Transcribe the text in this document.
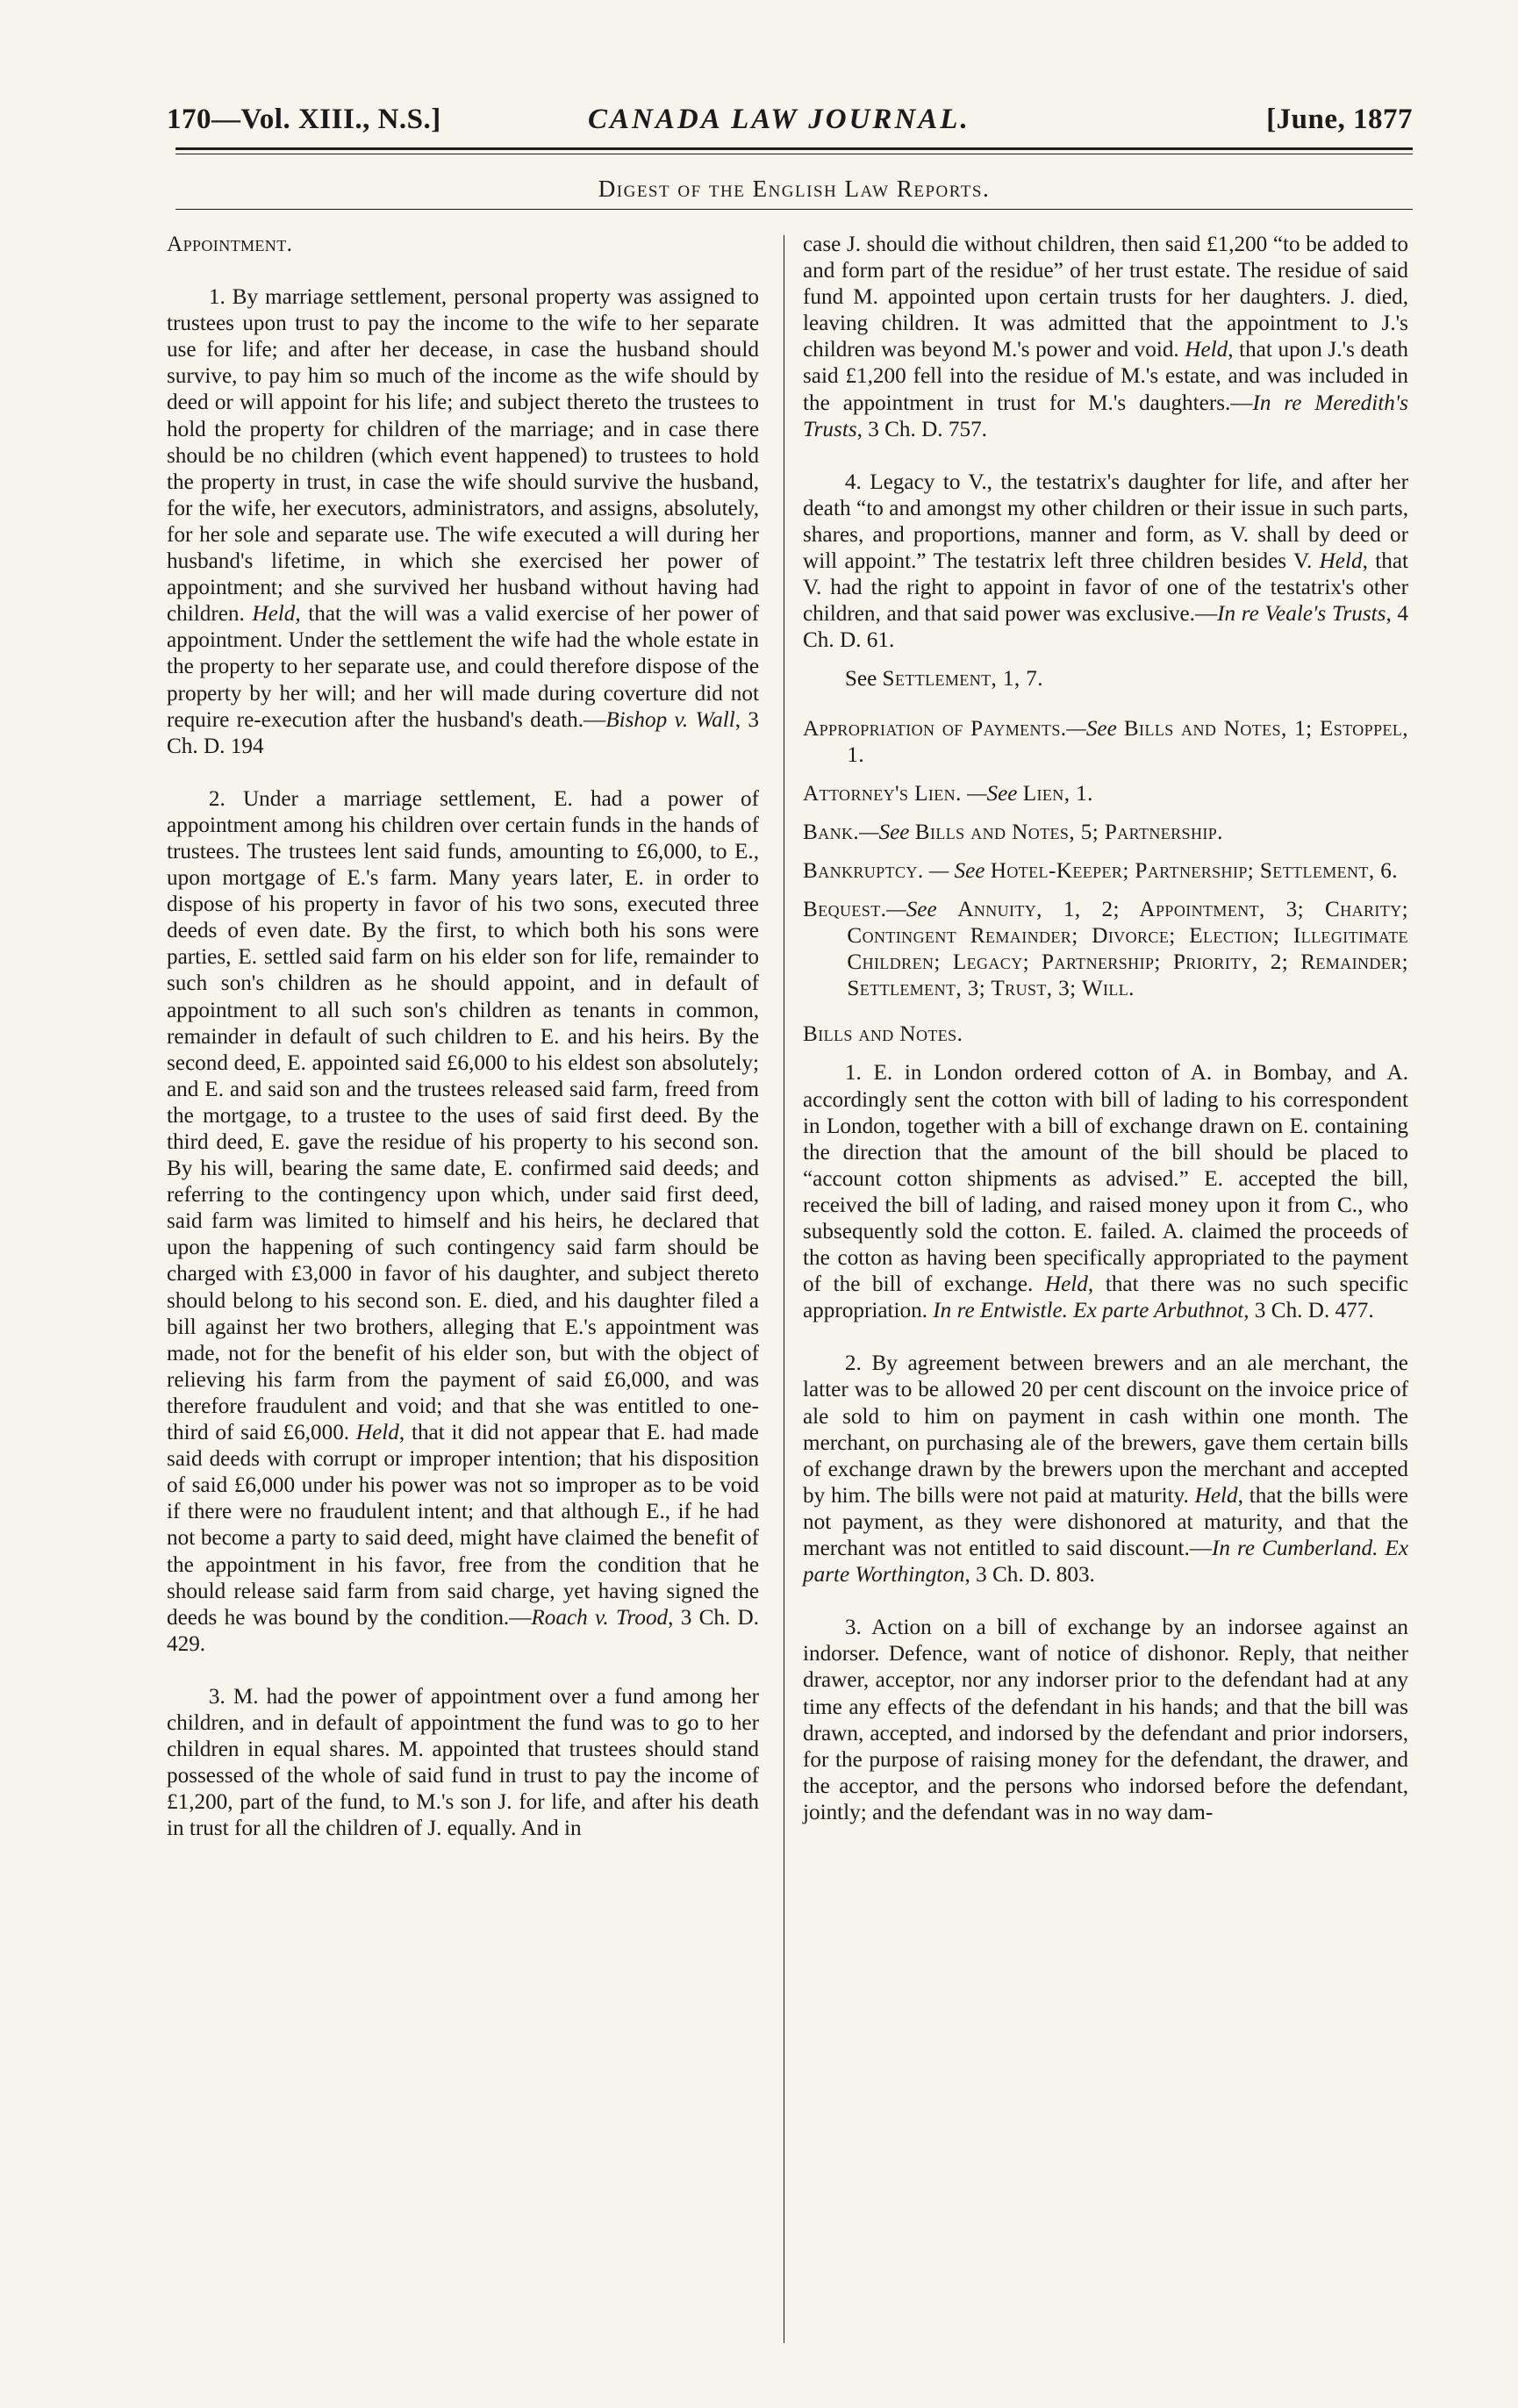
170—Vol. XIII., N.S.]	CANADA LAW JOURNAL.	[June, 1877
Digest of the English Law Reports.
Appointment.

1. By marriage settlement, personal property was assigned to trustees upon trust to pay the income to the wife to her separate use for life; and after her decease, in case the husband should survive, to pay him so much of the income as the wife should by deed or will appoint for his life; and subject thereto the trustees to hold the property for children of the marriage; and in case there should be no children (which event happened) to trustees to hold the property in trust, in case the wife should survive the husband, for the wife, her executors, administrators, and assigns, absolutely, for her sole and separate use. The wife executed a will during her husband's lifetime, in which she exercised her power of appointment; and she survived her husband without having had children. Held, that the will was a valid exercise of her power of appointment. Under the settlement the wife had the whole estate in the property to her separate use, and could therefore dispose of the property by her will; and her will made during coverture did not require re-execution after the husband's death.—Bishop v. Wall, 3 Ch. D. 194

2. Under a marriage settlement, E. had a power of appointment among his children over certain funds in the hands of trustees. The trustees lent said funds, amounting to £6,000, to E., upon mortgage of E.'s farm. Many years later, E. in order to dispose of his property in favor of his two sons, executed three deeds of even date. By the first, to which both his sons were parties, E. settled said farm on his elder son for life, remainder to such son's children as he should appoint, and in default of appointment to all such son's children as tenants in common, remainder in default of such children to E. and his heirs. By the second deed, E. appointed said £6,000 to his eldest son absolutely; and E. and said son and the trustees released said farm, freed from the mortgage, to a trustee to the uses of said first deed. By the third deed, E. gave the residue of his property to his second son. By his will, bearing the same date, E. confirmed said deeds; and referring to the contingency upon which, under said first deed, said farm was limited to himself and his heirs, he declared that upon the happening of such contingency said farm should be charged with £3,000 in favor of his daughter, and subject thereto should belong to his second son. E. died, and his daughter filed a bill against her two brothers, alleging that E.'s appointment was made, not for the benefit of his elder son, but with the object of relieving his farm from the payment of said £6,000, and was therefore fraudulent and void; and that she was entitled to one-third of said £6,000. Held, that it did not appear that E. had made said deeds with corrupt or improper intention; that his disposition of said £6,000 under his power was not so improper as to be void if there were no fraudulent intent; and that although E., if he had not become a party to said deed, might have claimed the benefit of the appointment in his favor, free from the condition that he should release said farm from said charge, yet having signed the deeds he was bound by the condition.—Roach v. Trood, 3 Ch. D. 429.

3. M. had the power of appointment over a fund among her children, and in default of appointment the fund was to go to her children in equal shares. M. appointed that trustees should stand possessed of the whole of said fund in trust to pay the income of £1,200, part of the fund, to M.'s son J. for life, and after his death in trust for all the children of J. equally. And in

case J. should die without children, then said £1,200 “to be added to and form part of the residue” of her trust estate. The residue of said fund M. appointed upon certain trusts for her daughters. J. died, leaving children. It was admitted that the appointment to J.'s children was beyond M.'s power and void. Held, that upon J.'s death said £1,200 fell into the residue of M.'s estate, and was included in the appointment in trust for M.'s daughters.—In re Meredith's Trusts, 3 Ch. D. 757.

4. Legacy to V., the testatrix's daughter for life, and after her death “to and amongst my other children or their issue in such parts, shares, and proportions, manner and form, as V. shall by deed or will appoint.” The testatrix left three children besides V. Held, that V. had the right to appoint in favor of one of the testatrix's other children, and that said power was exclusive.—In re Veale's Trusts, 4 Ch. D. 61.

See Settlement, 1, 7.

Appropriation of Payments.—See Bills and Notes, 1; Estoppel, 1.

Attorney's Lien. —See Lien, 1.

Bank.—See Bills and Notes, 5; Partnership.

Bankruptcy. — See Hotel-Keeper; Partnership; Settlement, 6.

Bequest.—See Annuity, 1, 2; Appointment, 3; Charity; Contingent Remainder; Divorce; Election; Illegitimate Children; Legacy; Partnership; Priority, 2; Remainder; Settlement, 3; Trust, 3; Will.

Bills and Notes.

1. E. in London ordered cotton of A. in Bombay, and A. accordingly sent the cotton with bill of lading to his correspondent in London, together with a bill of exchange drawn on E. containing the direction that the amount of the bill should be placed to “account cotton shipments as advised.” E. accepted the bill, received the bill of lading, and raised money upon it from C., who subsequently sold the cotton. E. failed. A. claimed the proceeds of the cotton as having been specifically appropriated to the payment of the bill of exchange. Held, that there was no such specific appropriation. In re Entwistle. Ex parte Arbuthnot, 3 Ch. D. 477.

2. By agreement between brewers and an ale merchant, the latter was to be allowed 20 per cent discount on the invoice price of ale sold to him on payment in cash within one month. The merchant, on purchasing ale of the brewers, gave them certain bills of exchange drawn by the brewers upon the merchant and accepted by him. The bills were not paid at maturity. Held, that the bills were not payment, as they were dishonored at maturity, and that the merchant was not entitled to said discount.—In re Cumberland. Ex parte Worthington, 3 Ch. D. 803.

3. Action on a bill of exchange by an indorsee against an indorser. Defence, want of notice of dishonor. Reply, that neither drawer, acceptor, nor any indorser prior to the defendant had at any time any effects of the defendant in his hands; and that the bill was drawn, accepted, and indorsed by the defendant and prior indorsers, for the purpose of raising money for the defendant, the drawer, and the acceptor, and the persons who indorsed before the defendant, jointly; and the defendant was in no way dam-
